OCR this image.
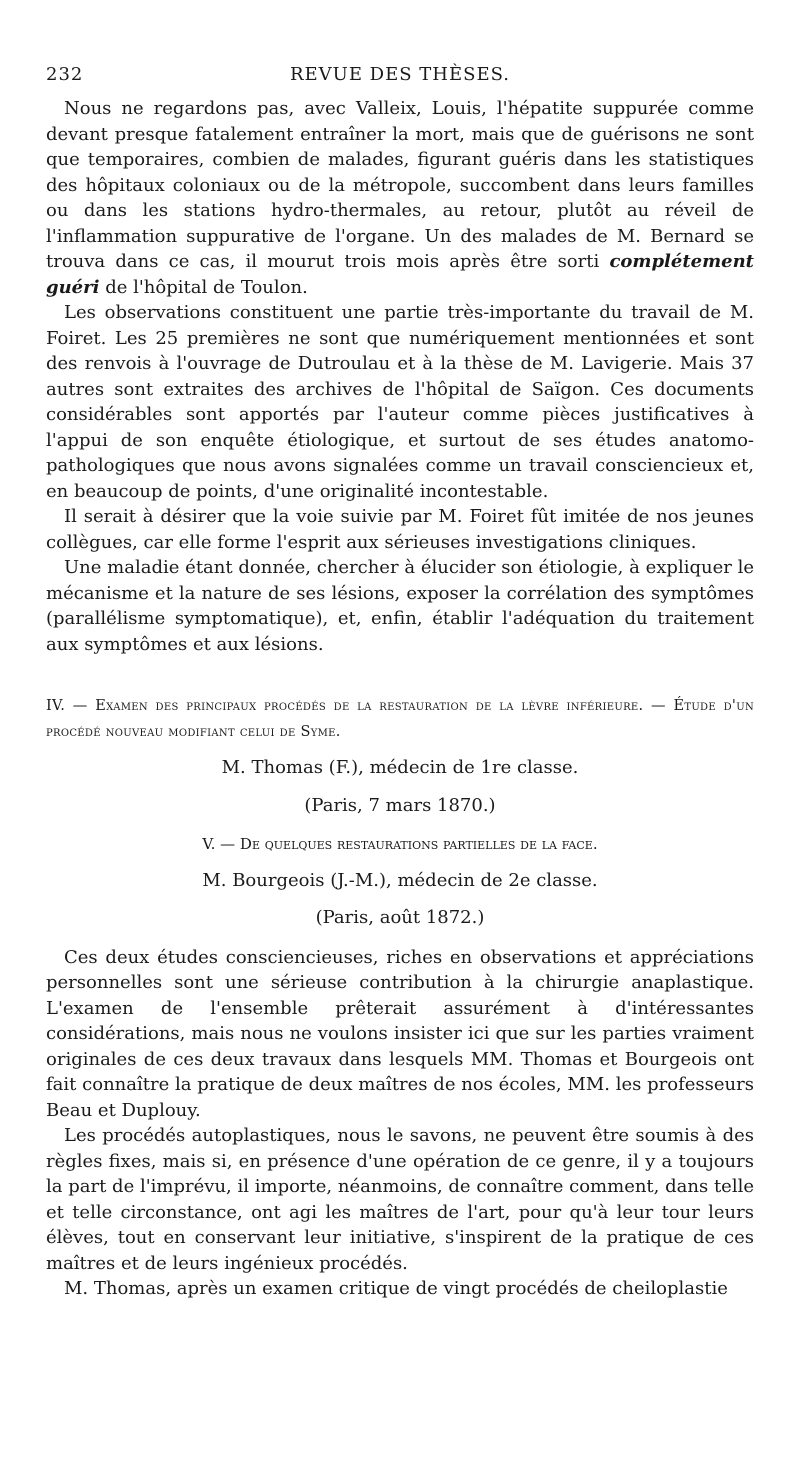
232	REVUE DES THÈSES.

Nous ne regardons pas, avec Valleix, Louis, l'hépatite suppurée comme devant presque fatalement entraîner la mort, mais que de guérisons ne sont que temporaires, combien de malades, figurant guéris dans les statistiques des hôpitaux coloniaux ou de la métropole, succombent dans leurs familles ou dans les stations hydro-thermales, au retour, plutôt au réveil de l'inflammation suppurative de l'organe. Un des malades de M. Bernard se trouva dans ce cas, il mourut trois mois après être sorti complétement guéri de l'hôpital de Toulon.

Les observations constituent une partie très-importante du travail de M. Foiret. Les 25 premières ne sont que numériquement mentionnées et sont des renvois à l'ouvrage de Dutroulau et à la thèse de M. Lavigerie. Mais 37 autres sont extraites des archives de l'hôpital de Saïgon. Ces documents considérables sont apportés par l'auteur comme pièces justificatives à l'appui de son enquête étiologique, et surtout de ses études anatomo-pathologiques que nous avons signalées comme un travail consciencieux et, en beaucoup de points, d'une originalité incontestable.

Il serait à désirer que la voie suivie par M. Foiret fût imitée de nos jeunes collègues, car elle forme l'esprit aux sérieuses investigations cliniques.

Une maladie étant donnée, chercher à élucider son étiologie, à expliquer le mécanisme et la nature de ses lésions, exposer la corrélation des symptômes (parallélisme symptomatique), et, enfin, établir l'adéquation du traitement aux symptômes et aux lésions.

IV. — Examen des principaux procédés de la restauration de la lèvre inférieure. — Étude d'un procédé nouveau modifiant celui de Syme.

M. Thomas (F.), médecin de 1re classe.

(Paris, 7 mars 1870.)

V. — De quelques restaurations partielles de la face.

M. Bourgeois (J.-M.), médecin de 2e classe.

(Paris, août 1872.)

Ces deux études consciencieuses, riches en observations et appréciations personnelles sont une sérieuse contribution à la chirurgie anaplastique. L'examen de l'ensemble prêterait assurément à d'intéressantes considérations, mais nous ne voulons insister ici que sur les parties vraiment originales de ces deux travaux dans lesquels MM. Thomas et Bourgeois ont fait connaître la pratique de deux maîtres de nos écoles, MM. les professeurs Beau et Duplouy.

Les procédés autoplastiques, nous le savons, ne peuvent être soumis à des règles fixes, mais si, en présence d'une opération de ce genre, il y a toujours la part de l'imprévu, il importe, néanmoins, de connaître comment, dans telle et telle circonstance, ont agi les maîtres de l'art, pour qu'à leur tour leurs élèves, tout en conservant leur initiative, s'inspirent de la pratique de ces maîtres et de leurs ingénieux procédés.

M. Thomas, après un examen critique de vingt procédés de cheiloplastie
